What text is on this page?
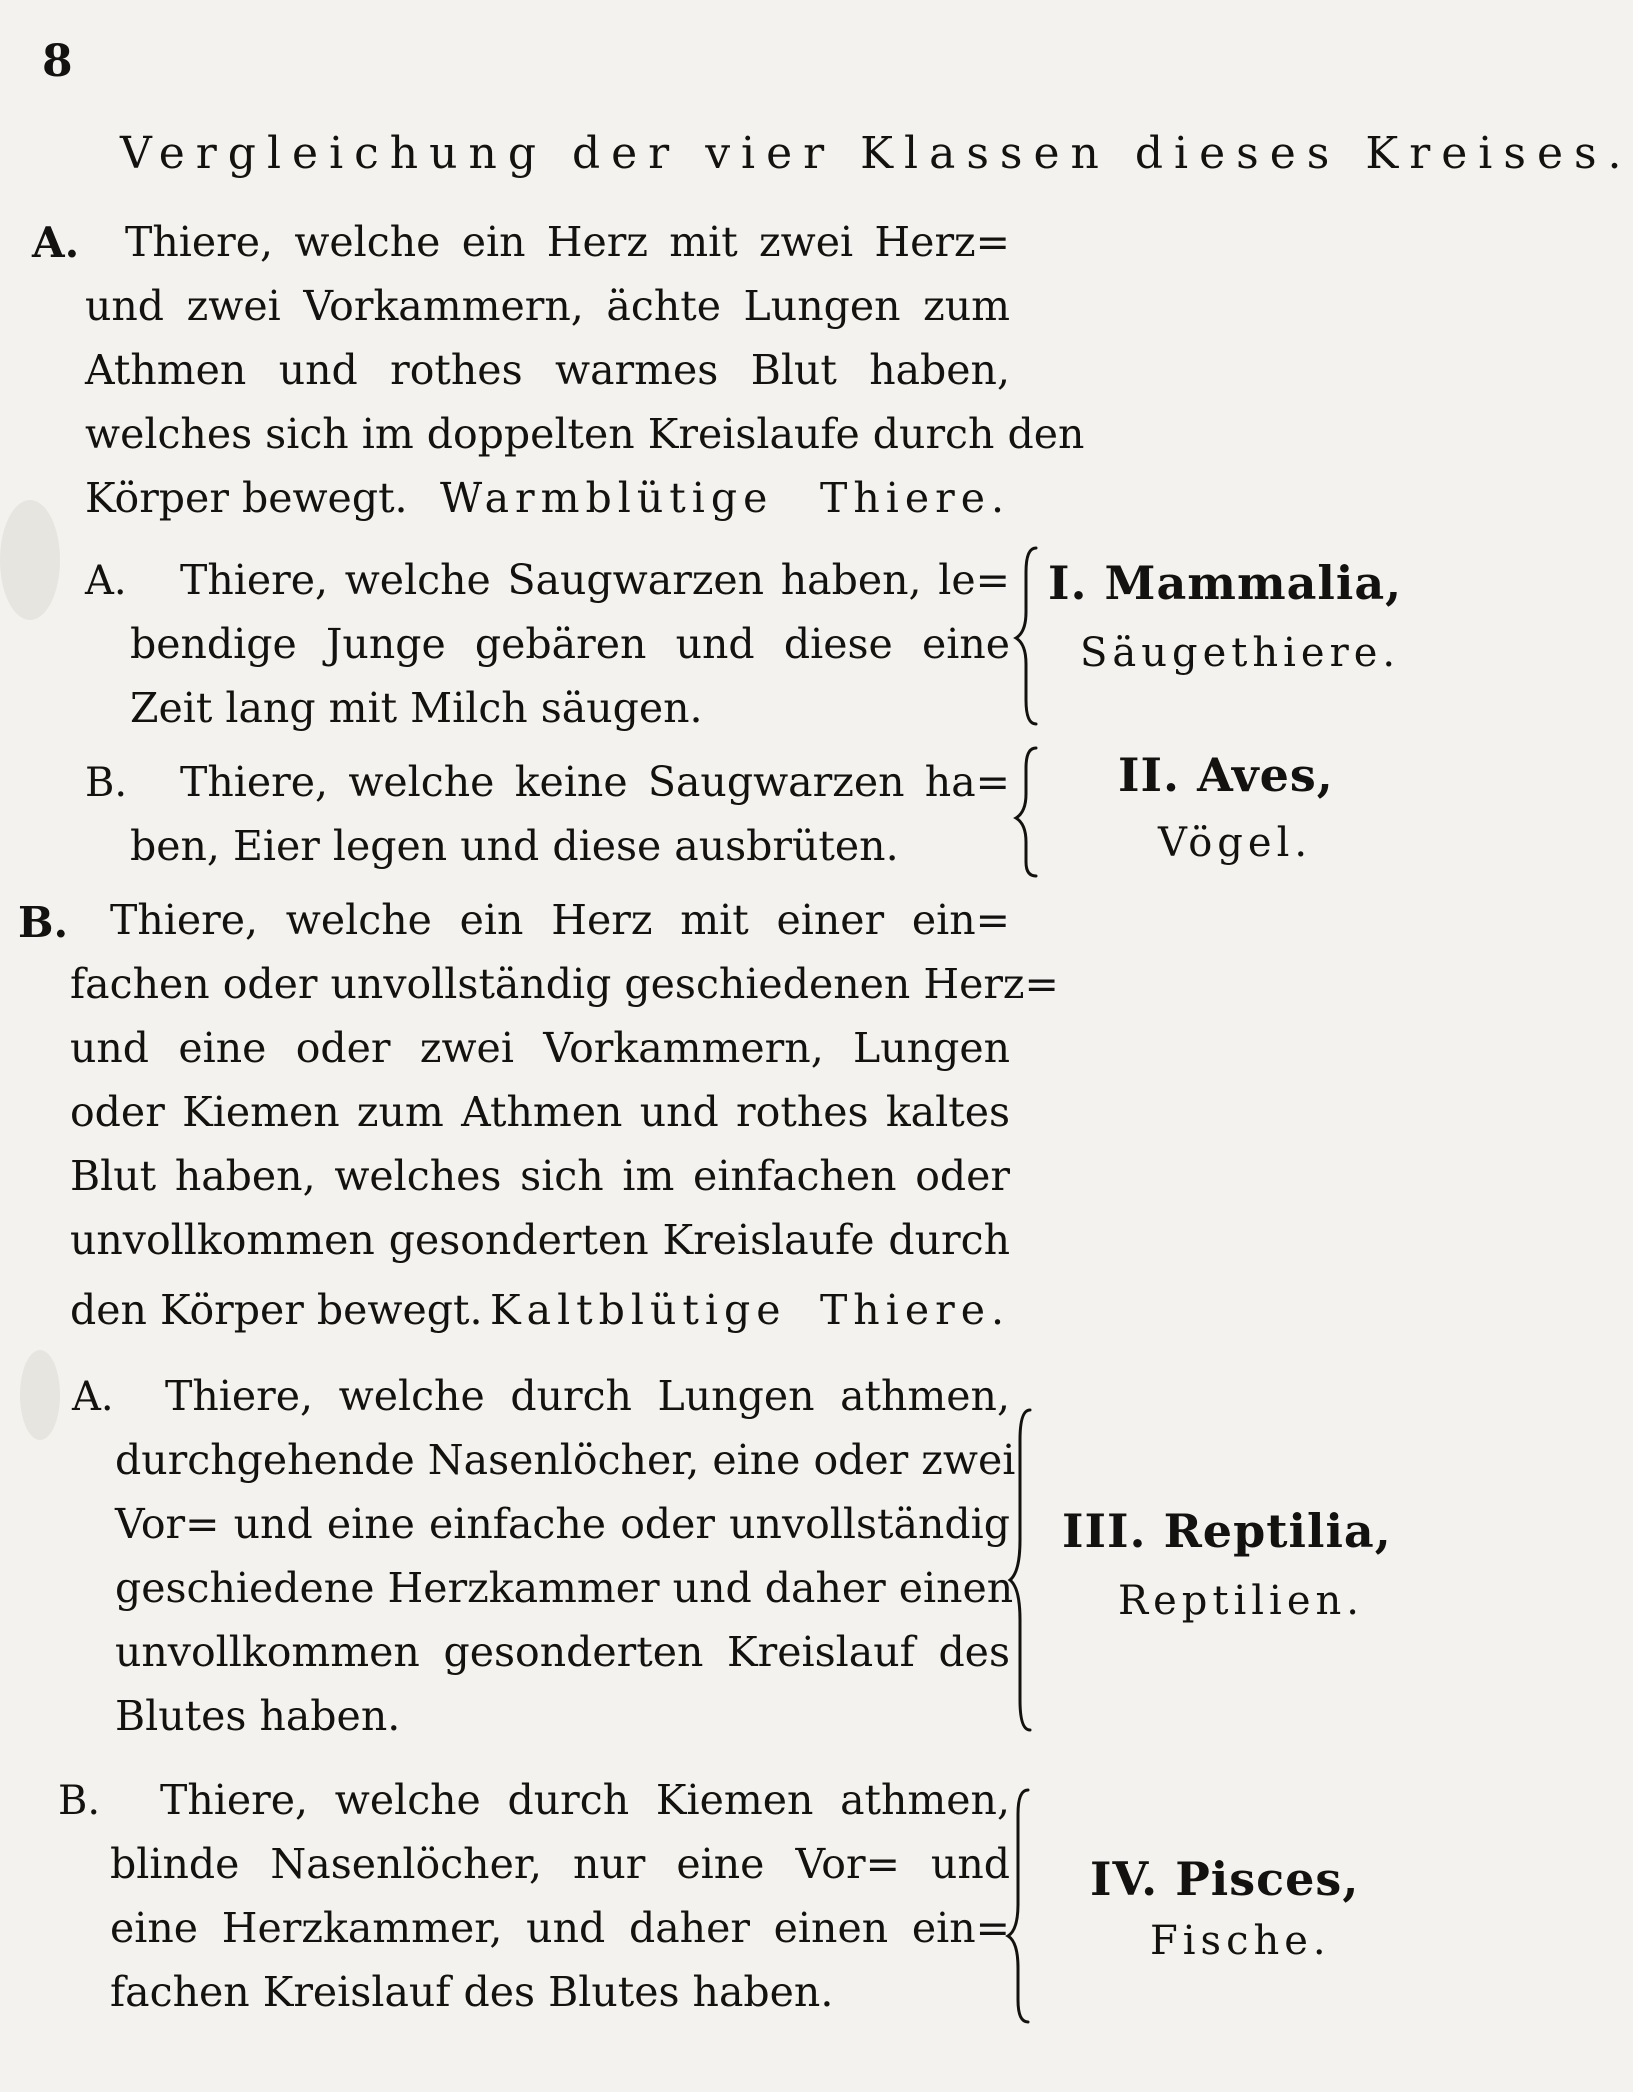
8
Vergleichung der vier Klassen dieses Kreises.
A. Thiere, welche ein Herz mit zwei Herz=
und zwei Vorkammern, ächte Lungen zum
Athmen und rothes warmes Blut haben,
welches sich im doppelten Kreislaufe durch den
Körper bewegt. Warmblütige Thiere.
A. Thiere, welche Saugwarzen haben, le=
bendige Junge gebären und diese eine
Zeit lang mit Milch säugen.
I. Mammalia,
Säugethiere.
B. Thiere, welche keine Saugwarzen ha=
ben, Eier legen und diese ausbrüten.
II. Aves,
Vögel.
B. Thiere, welche ein Herz mit einer ein=
fachen oder unvollständig geschiedenen Herz=
und eine oder zwei Vorkammern, Lungen
oder Kiemen zum Athmen und rothes kaltes
Blut haben, welches sich im einfachen oder
unvollkommen gesonderten Kreislaufe durch
den Körper bewegt. Kaltblütige Thiere.
A. Thiere, welche durch Lungen athmen,
durchgehende Nasenlöcher, eine oder zwei
Vor= und eine einfache oder unvollständig
geschiedene Herzkammer und daher einen
unvollkommen gesonderten Kreislauf des
Blutes haben.
III. Reptilia,
Reptilien.
B. Thiere, welche durch Kiemen athmen,
blinde Nasenlöcher, nur eine Vor= und
eine Herzkammer, und daher einen ein=
fachen Kreislauf des Blutes haben.
IV. Pisces,
Fische.
